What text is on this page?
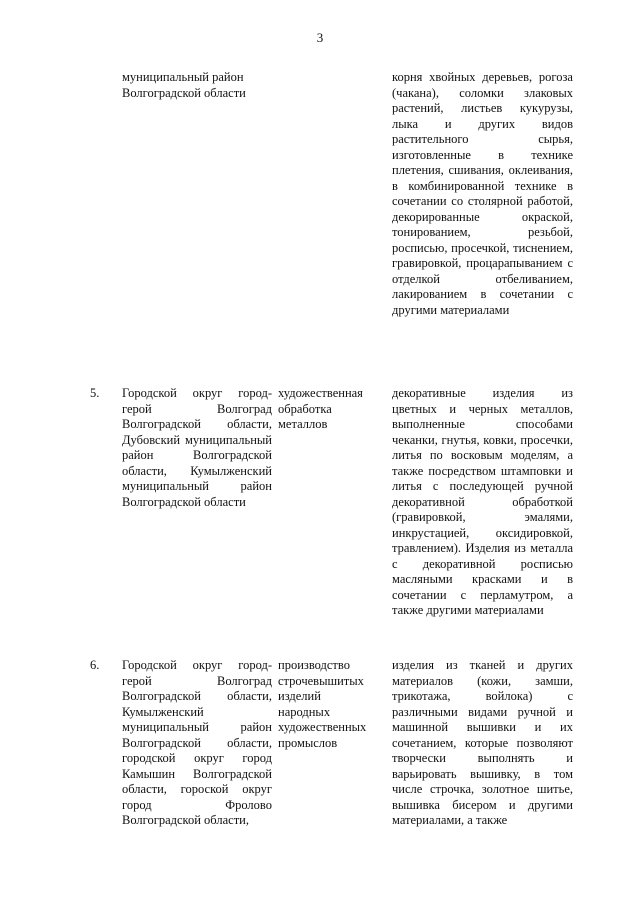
3
муниципальный район
Волгоградской области
корня хвойных деревьев, рогоза (чакана), соломки злаковых растений, листьев кукурузы, лыка и других видов растительного сырья, изготовленные в технике плетения, сшивания, оклеивания, в комбинированной технике в сочетании со столярной работой, декорированные окраской, тонированием, резьбой, росписью, просечкой, тиснением, гравировкой, процарапыванием с отделкой отбеливанием, лакированием в сочетании с другими материалами
5. Городской округ город-герой Волгоград Волгоградской области, Дубовский муниципальный район Волгоградской области, Кумылженский муниципальный район Волгоградской области
художественная обработка металлов
декоративные изделия из цветных и черных металлов, выполненные способами чеканки, гнутья, ковки, просечки, литья по восковым моделям, а также посредством штамповки и литья с последующей ручной декоративной обработкой (гравировкой, эмалями, инкрустацией, оксидировкой, травлением). Изделия из металла с декоративной росписью масляными красками и в сочетании с перламутром, а также другими материалами
6. Городской округ город-герой Волгоград Волгоградской области, Кумылженский муниципальный район Волгоградской области, городской округ город Камышин Волгоградской области, гороской округ город Фролово Волгоградской области,
производство строчевышитых изделий народных художественных промыслов
изделия из тканей и других материалов (кожи, замши, трикотажа, войлока) с различными видами ручной и машинной вышивки и их сочетанием, которые позволяют творчески выполнять и варьировать вышивку, в том числе строчка, золотное шитье, вышивка бисером и другими материалами, а также
